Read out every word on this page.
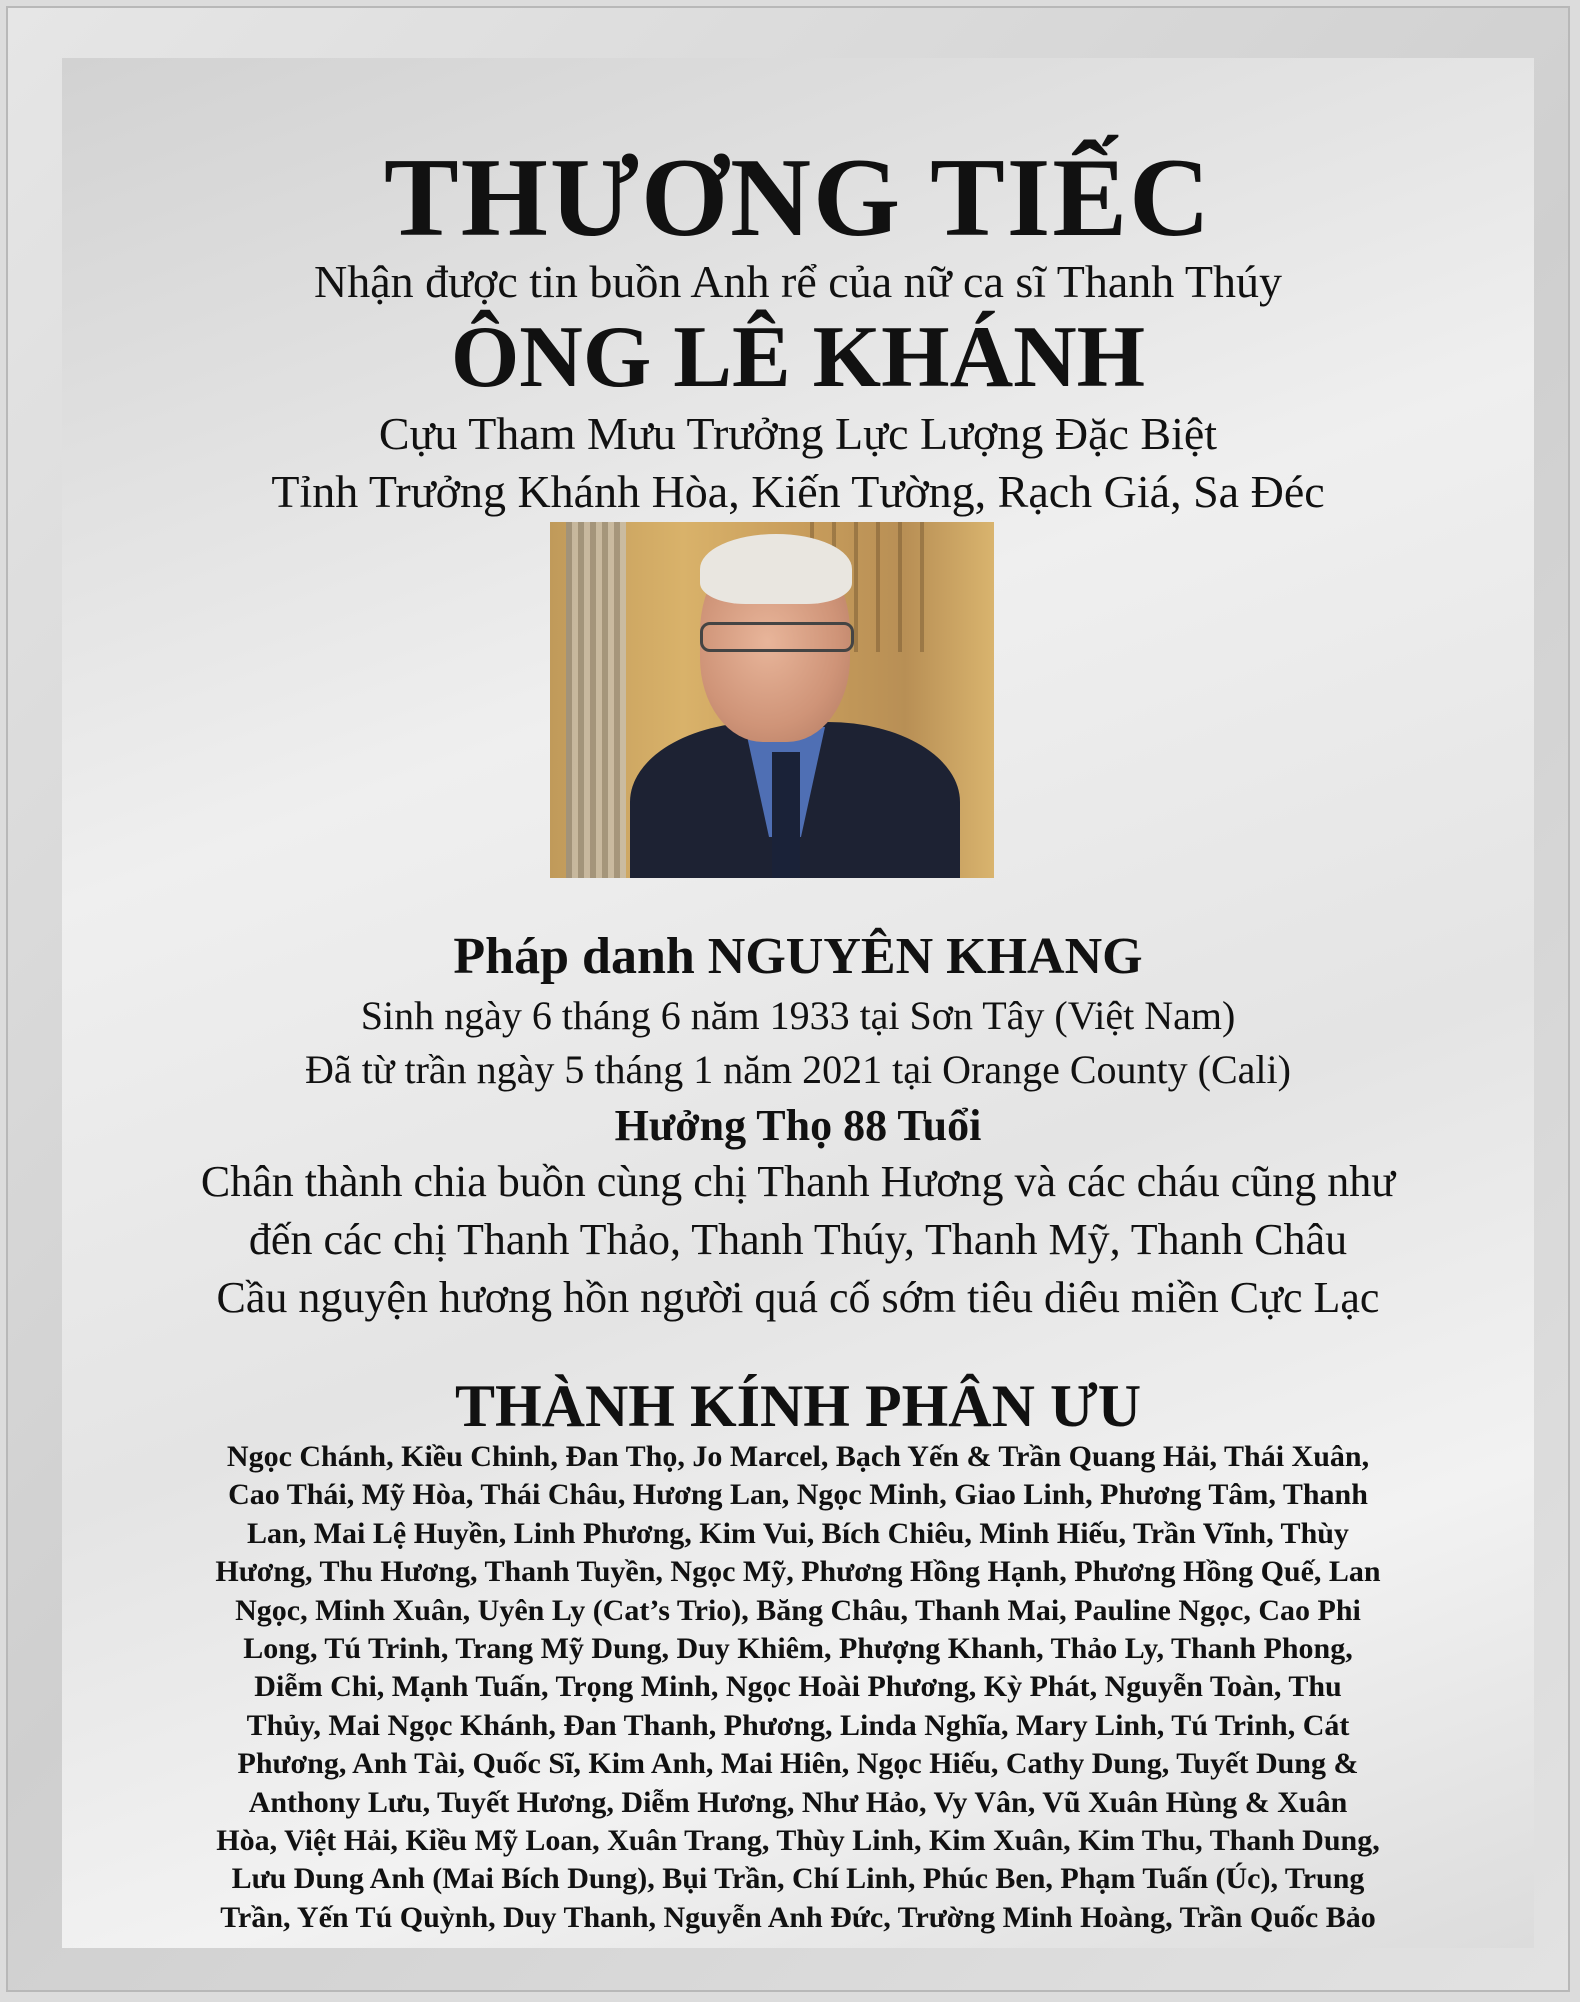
THƯƠNG TIẾC
Nhận được tin buồn Anh rể của nữ ca sĩ Thanh Thúy
ÔNG LÊ KHÁNH
Cựu Tham Mưu Trưởng Lực Lượng Đặc Biệt
Tỉnh Trưởng Khánh Hòa, Kiến Tường, Rạch Giá, Sa Đéc
Pháp danh NGUYÊN KHANG
Sinh ngày 6 tháng 6 năm 1933 tại Sơn Tây (Việt Nam)
Đã từ trần ngày 5 tháng 1 năm 2021 tại Orange County (Cali)
Hưởng Thọ 88 Tuổi
Chân thành chia buồn cùng chị Thanh Hương và các cháu cũng như
đến các chị Thanh Thảo, Thanh Thúy, Thanh Mỹ, Thanh Châu
Cầu nguyện hương hồn người quá cố sớm tiêu diêu miền Cực Lạc
THÀNH KÍNH PHÂN ƯU
Ngọc Chánh, Kiều Chinh, Đan Thọ, Jo Marcel, Bạch Yến & Trần Quang Hải, Thái Xuân,
Cao Thái, Mỹ Hòa, Thái Châu, Hương Lan, Ngọc Minh, Giao Linh, Phương Tâm, Thanh
Lan, Mai Lệ Huyền, Linh Phương, Kim Vui, Bích Chiêu, Minh Hiếu, Trần Vĩnh, Thùy
Hương, Thu Hương, Thanh Tuyền, Ngọc Mỹ, Phương Hồng Hạnh, Phương Hồng Quế, Lan
Ngọc, Minh Xuân, Uyên Ly (Cat’s Trio), Băng Châu, Thanh Mai, Pauline Ngọc, Cao Phi
Long, Tú Trinh, Trang Mỹ Dung, Duy Khiêm, Phượng Khanh, Thảo Ly, Thanh Phong,
Diễm Chi, Mạnh Tuấn, Trọng Minh, Ngọc Hoài Phương, Kỳ Phát, Nguyễn Toàn, Thu
Thủy, Mai Ngọc Khánh, Đan Thanh, Phương, Linda Nghĩa, Mary Linh, Tú Trinh, Cát
Phương, Anh Tài, Quốc Sĩ, Kim Anh, Mai Hiên, Ngọc Hiếu, Cathy Dung, Tuyết Dung &
Anthony Lưu, Tuyết Hương, Diễm Hương, Như Hảo, Vy Vân, Vũ Xuân Hùng & Xuân
Hòa, Việt Hải, Kiều Mỹ Loan, Xuân Trang, Thùy Linh, Kim Xuân, Kim Thu, Thanh Dung,
Lưu Dung Anh (Mai Bích Dung), Bụi Trần, Chí Linh, Phúc Ben, Phạm Tuấn (Úc), Trung
Trần, Yến Tú Quỳnh, Duy Thanh, Nguyễn Anh Đức, Trường Minh Hoàng, Trần Quốc Bảo
